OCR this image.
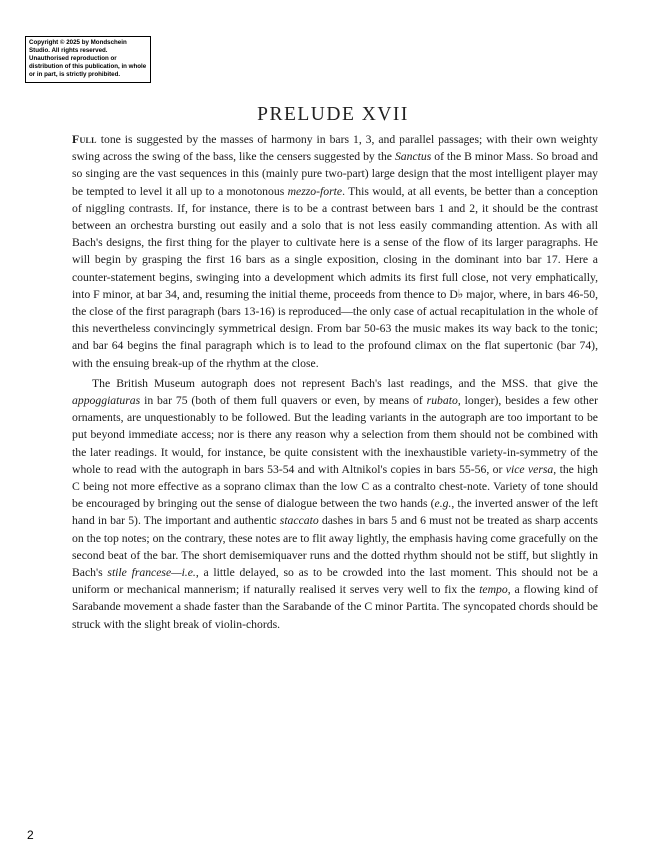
Copyright © 2025 by Mondschein Studio. All rights reserved. Unauthorised reproduction or distribution of this publication, in whole or in part, is strictly prohibited.
PRELUDE XVII

Full tone is suggested by the masses of harmony in bars 1, 3, and parallel passages; with their own weighty swing across the swing of the bass, like the censers suggested by the Sanctus of the B minor Mass. So broad and so singing are the vast sequences in this (mainly pure two-part) large design that the most intelligent player may be tempted to level it all up to a monotonous mezzo-forte. This would, at all events, be better than a conception of niggling contrasts. If, for instance, there is to be a contrast between bars 1 and 2, it should be the contrast between an orchestra bursting out easily and a solo that is not less easily commanding attention. As with all Bach's designs, the first thing for the player to cultivate here is a sense of the flow of its larger paragraphs. He will begin by grasping the first 16 bars as a single exposition, closing in the dominant into bar 17. Here a counter-statement begins, swinging into a development which admits its first full close, not very emphatically, into F minor, at bar 34, and, resuming the initial theme, proceeds from thence to D♭ major, where, in bars 46-50, the close of the first paragraph (bars 13-16) is reproduced—the only case of actual recapitulation in the whole of this nevertheless convincingly symmetrical design. From bar 50-63 the music makes its way back to the tonic; and bar 64 begins the final paragraph which is to lead to the profound climax on the flat supertonic (bar 74), with the ensuing break-up of the rhythm at the close.

The British Museum autograph does not represent Bach's last readings, and the MSS. that give the appoggiaturas in bar 75 (both of them full quavers or even, by means of rubato, longer), besides a few other ornaments, are unquestionably to be followed. But the leading variants in the autograph are too important to be put beyond immediate access; nor is there any reason why a selection from them should not be combined with the later readings. It would, for instance, be quite consistent with the inexhaustible variety-in-symmetry of the whole to read with the autograph in bars 53-54 and with Altnikol's copies in bars 55-56, or vice versa, the high C being not more effective as a soprano climax than the low C as a contralto chest-note. Variety of tone should be encouraged by bringing out the sense of dialogue between the two hands (e.g., the inverted answer of the left hand in bar 5). The important and authentic staccato dashes in bars 5 and 6 must not be treated as sharp accents on the top notes; on the contrary, these notes are to flit away lightly, the emphasis having come gracefully on the second beat of the bar. The short demisemiquaver runs and the dotted rhythm should not be stiff, but slightly in Bach's stile francese—i.e., a little delayed, so as to be crowded into the last moment. This should not be a uniform or mechanical mannerism; if naturally realised it serves very well to fix the tempo, a flowing kind of Sarabande movement a shade faster than the Sarabande of the C minor Partita. The syncopated chords should be struck with the slight break of violin-chords.

2
